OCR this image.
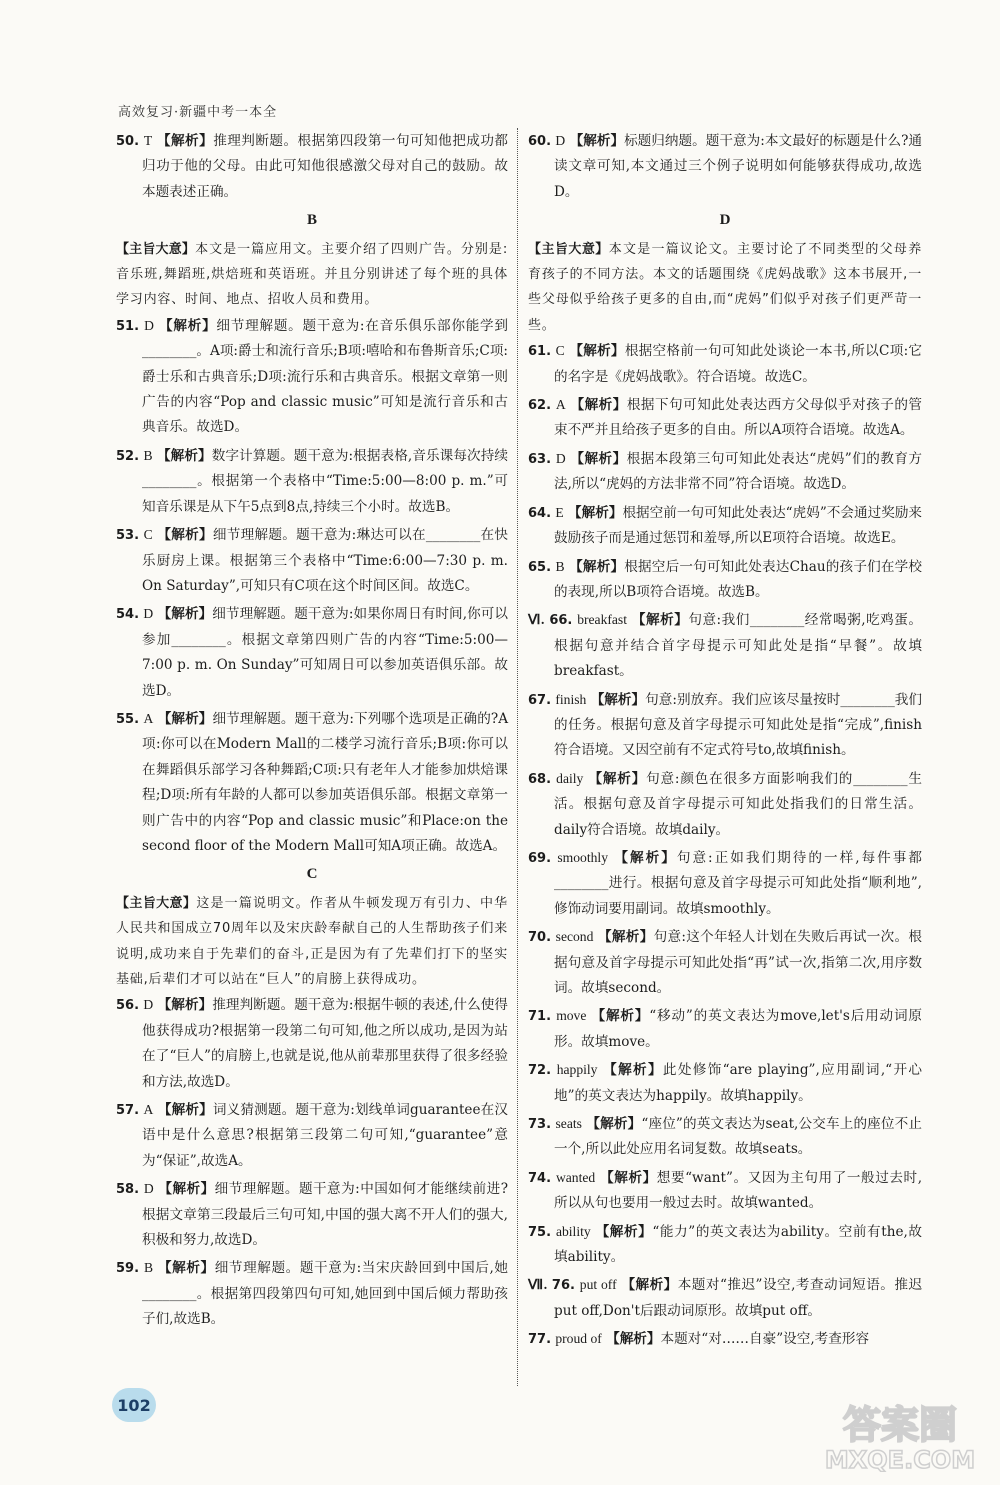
高效复习·新疆中考一本全
50. T 【解析】推理判断题。根据第四段第一句可知他把成功都归功于他的父母。由此可知他很感激父母对自己的鼓励。故本题表述正确。
B
【主旨大意】本文是一篇应用文。主要介绍了四则广告。分别是:音乐班,舞蹈班,烘焙班和英语班。并且分别讲述了每个班的具体学习内容、时间、地点、招收人员和费用。
51. D 【解析】细节理解题。题干意为:在音乐俱乐部你能学到________。A项:爵士和流行音乐;B项:嘻哈和布鲁斯音乐;C项:爵士乐和古典音乐;D项:流行乐和古典音乐。根据文章第一则广告的内容“Pop and classic music”可知是流行音乐和古典音乐。故选D。
52. B 【解析】数字计算题。题干意为:根据表格,音乐课每次持续________。根据第一个表格中“Time:5:00—8:00 p. m.”可知音乐课是从下午5点到8点,持续三个小时。故选B。
53. C 【解析】细节理解题。题干意为:琳达可以在________在快乐厨房上课。根据第三个表格中“Time:6:00—7:30 p. m. On Saturday”,可知只有C项在这个时间区间。故选C。
54. D 【解析】细节理解题。题干意为:如果你周日有时间,你可以参加________。根据文章第四则广告的内容“Time:5:00—7:00 p. m. On Sunday”可知周日可以参加英语俱乐部。故选D。
55. A 【解析】细节理解题。题干意为:下列哪个选项是正确的?A项:你可以在Modern Mall的二楼学习流行音乐;B项:你可以在舞蹈俱乐部学习各种舞蹈;C项:只有老年人才能参加烘焙课程;D项:所有年龄的人都可以参加英语俱乐部。根据文章第一则广告中的内容“Pop and classic music”和Place:on the second floor of the Modern Mall可知A项正确。故选A。
C
【主旨大意】这是一篇说明文。作者从牛顿发现万有引力、中华人民共和国成立70周年以及宋庆龄奉献自己的人生帮助孩子们来说明,成功来自于先辈们的奋斗,正是因为有了先辈们打下的坚实基础,后辈们才可以站在“巨人”的肩膀上获得成功。
56. D 【解析】推理判断题。题干意为:根据牛顿的表述,什么使得他获得成功?根据第一段第二句可知,他之所以成功,是因为站在了“巨人”的肩膀上,也就是说,他从前辈那里获得了很多经验和方法,故选D。
57. A 【解析】词义猜测题。题干意为:划线单词guarantee在汉语中是什么意思?根据第三段第二句可知,“guarantee”意为“保证”,故选A。
58. D 【解析】细节理解题。题干意为:中国如何才能继续前进?根据文章第三段最后三句可知,中国的强大离不开人们的强大,积极和努力,故选D。
59. B 【解析】细节理解题。题干意为:当宋庆龄回到中国后,她________。根据第四段第四句可知,她回到中国后倾力帮助孩子们,故选B。
60. D 【解析】标题归纳题。题干意为:本文最好的标题是什么?通读文章可知,本文通过三个例子说明如何能够获得成功,故选D。
D
【主旨大意】本文是一篇议论文。主要讨论了不同类型的父母养育孩子的不同方法。本文的话题围绕《虎妈战歌》这本书展开,一些父母似乎给孩子更多的自由,而“虎妈”们似乎对孩子们更严苛一些。
61. C 【解析】根据空格前一句可知此处谈论一本书,所以C项:它的名字是《虎妈战歌》。符合语境。故选C。
62. A 【解析】根据下句可知此处表达西方父母似乎对孩子的管束不严并且给孩子更多的自由。所以A项符合语境。故选A。
63. D 【解析】根据本段第三句可知此处表达“虎妈”们的教育方法,所以“虎妈的方法非常不同”符合语境。故选D。
64. E 【解析】根据空前一句可知此处表达“虎妈”不会通过奖励来鼓励孩子而是通过惩罚和羞辱,所以E项符合语境。故选E。
65. B 【解析】根据空后一句可知此处表达Chau的孩子们在学校的表现,所以B项符合语境。故选B。
Ⅵ. 66. breakfast 【解析】句意:我们________经常喝粥,吃鸡蛋。根据句意并结合首字母提示可知此处是指“早餐”。故填breakfast。
67. finish 【解析】句意:别放弃。我们应该尽量按时________我们的任务。根据句意及首字母提示可知此处是指“完成”,finish符合语境。又因空前有不定式符号to,故填finish。
68. daily 【解析】句意:颜色在很多方面影响我们的________生活。根据句意及首字母提示可知此处指我们的日常生活。daily符合语境。故填daily。
69. smoothly 【解析】句意:正如我们期待的一样,每件事都________进行。根据句意及首字母提示可知此处指“顺利地”,修饰动词要用副词。故填smoothly。
70. second 【解析】句意:这个年轻人计划在失败后再试一次。根据句意及首字母提示可知此处指“再”试一次,指第二次,用序数词。故填second。
71. move 【解析】“移动”的英文表达为move,let's后用动词原形。故填move。
72. happily 【解析】此处修饰“are playing”,应用副词,“开心地”的英文表达为happily。故填happily。
73. seats 【解析】“座位”的英文表达为seat,公交车上的座位不止一个,所以此处应用名词复数。故填seats。
74. wanted 【解析】想要“want”。又因为主句用了一般过去时,所以从句也要用一般过去时。故填wanted。
75. ability 【解析】“能力”的英文表达为ability。空前有the,故填ability。
Ⅶ. 76. put off 【解析】本题对“推迟”设空,考查动词短语。推迟put off,Don't后跟动词原形。故填put off。
77. proud of 【解析】本题对“对……自豪”设空,考查形容
102	答案圈
MXQE.COM
